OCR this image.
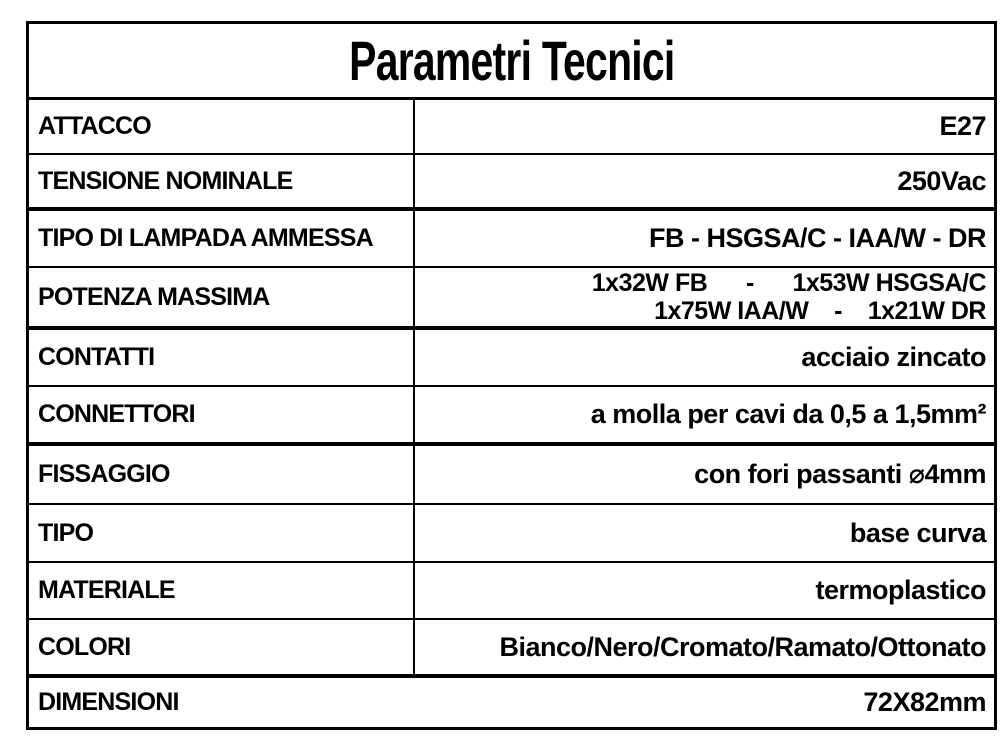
Parametri Tecnici
ATTACCO	E27
TENSIONE NOMINALE	250Vac
TIPO DI LAMPADA AMMESSA	FB - HSGSA/C - IAA/W - DR
POTENZA MASSIMA	1x32W FB      -      1x53W HSGSA/C
1x75W IAA/W    -    1x21W DR
CONTATTI	acciaio zincato
CONNETTORI	a molla per cavi da 0,5 a 1,5mm²
FISSAGGIO	con fori passanti ⌀4mm
TIPO	base curva
MATERIALE	termoplastico
COLORI	Bianco/Nero/Cromato/Ramato/Ottonato
DIMENSIONI	72X82mm
